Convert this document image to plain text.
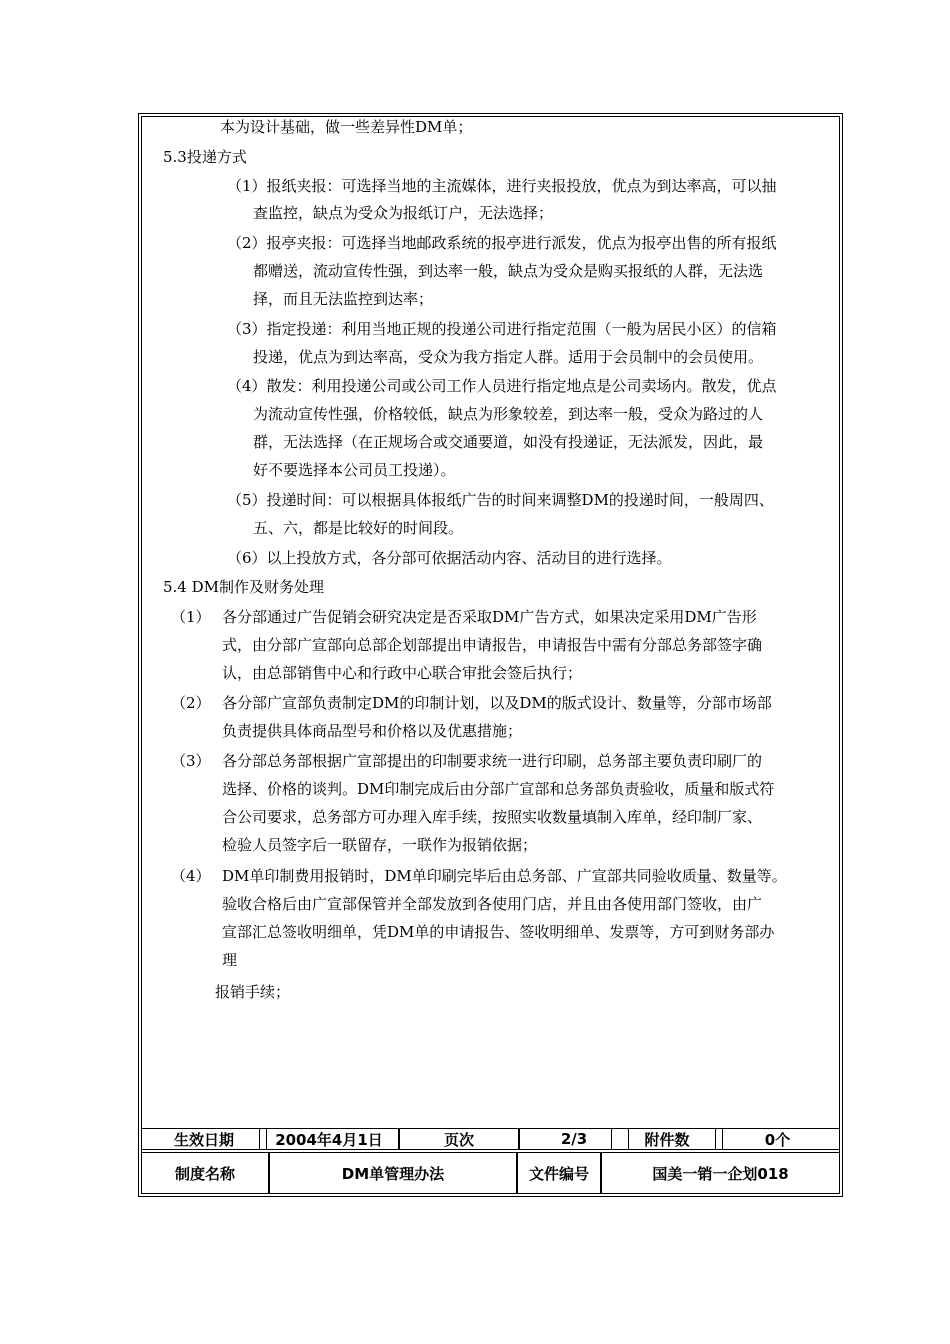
本为设计基础，做一些差异性DM单；
5.3投递方式
（1）报纸夹报：可选择当地的主流媒体，进行夹报投放，优点为到达率高，可以抽
查监控，缺点为受众为报纸订户，无法选择；
（2）报亭夹报：可选择当地邮政系统的报亭进行派发，优点为报亭出售的所有报纸
都赠送，流动宣传性强，到达率一般，缺点为受众是购买报纸的人群，无法选
择，而且无法监控到达率；
（3）指定投递：利用当地正规的投递公司进行指定范围（一般为居民小区）的信箱
投递，优点为到达率高，受众为我方指定人群。适用于会员制中的会员使用。
（4）散发：利用投递公司或公司工作人员进行指定地点是公司卖场内。散发，优点
为流动宣传性强，价格较低，缺点为形象较差，到达率一般，受众为路过的人
群，无法选择（在正规场合或交通要道，如没有投递证，无法派发，因此，最
好不要选择本公司员工投递）。
（5）投递时间：可以根据具体报纸广告的时间来调整DM的投递时间，一般周四、
五、六，都是比较好的时间段。
（6）以上投放方式，各分部可依据活动内容、活动目的进行选择。
5.4 DM制作及财务处理
（1） 各分部通过广告促销会研究决定是否采取DM广告方式，如果决定采用DM广告形
式，由分部广宣部向总部企划部提出申请报告，申请报告中需有分部总务部签字确
认，由总部销售中心和行政中心联合审批会签后执行；
（2） 各分部广宣部负责制定DM的印制计划，以及DM的版式设计、数量等，分部市场部
负责提供具体商品型号和价格以及优惠措施；
（3） 各分部总务部根据广宣部提出的印制要求统一进行印刷，总务部主要负责印刷厂的
选择、价格的谈判。DM印制完成后由分部广宣部和总务部负责验收，质量和版式符
合公司要求，总务部方可办理入库手续，按照实收数量填制入库单，经印制厂家、
检验人员签字后一联留存，一联作为报销依据；
（4） DM单印制费用报销时，DM单印刷完毕后由总务部、广宣部共同验收质量、数量等。
验收合格后由广宣部保管并全部发放到各使用门店，并且由各使用部门签收，由广
宣部汇总签收明细单，凭DM单的申请报告、签收明细单、发票等，方可到财务部办
理
报销手续；
生效日期	2004年4月1日	页次	2/3	附件数	0个
制度名称	DM单管理办法	文件编号	国美一销一企划018
